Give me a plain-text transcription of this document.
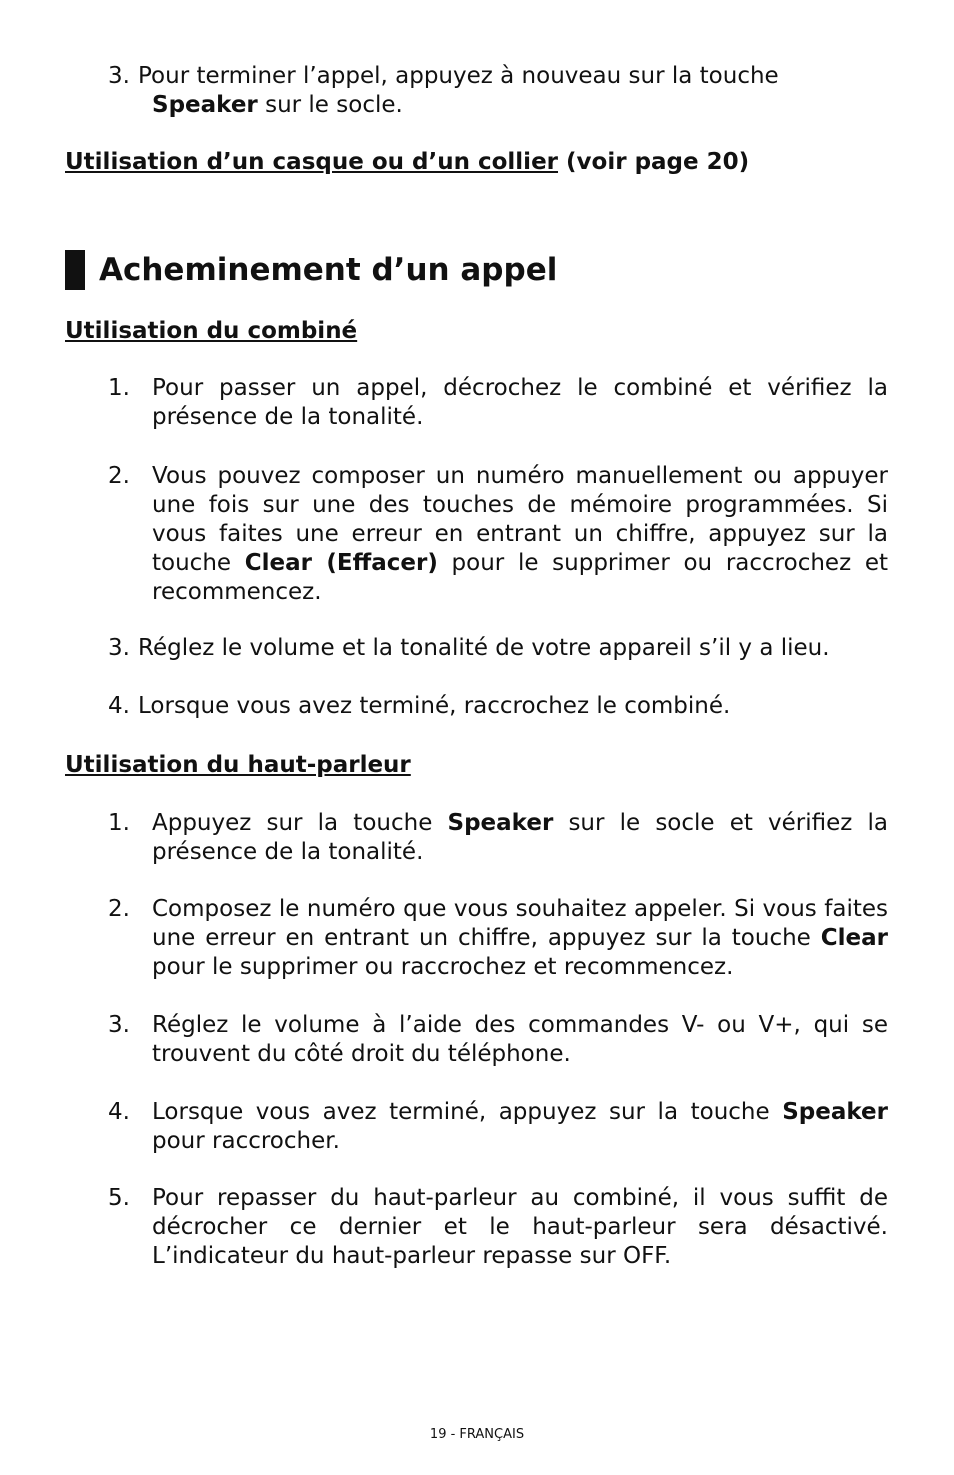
3. Pour terminer l’appel, appuyez à nouveau sur la touche
Speaker sur le socle.
Utilisation d’un casque ou d’un collier (voir page 20)
Acheminement d’un appel
Utilisation du combiné
1. Pour passer un appel, décrochez le combiné et vérifiez la présence de la tonalité.
2. Vous pouvez composer un numéro manuellement ou appuyer une fois sur une des touches de mémoire programmées. Si vous faites une erreur en entrant un chiffre, appuyez sur la touche Clear (Effacer) pour le supprimer ou raccrochez et recommencez.
3. Réglez le volume et la tonalité de votre appareil s’il y a lieu.
4. Lorsque vous avez terminé, raccrochez le combiné.
Utilisation du haut-parleur
1. Appuyez sur la touche Speaker sur le socle et vérifiez la présence de la tonalité.
2. Composez le numéro que vous souhaitez appeler. Si vous faites une erreur en entrant un chiffre, appuyez sur la touche Clear pour le supprimer ou raccrochez et recommencez.
3. Réglez le volume à l’aide des commandes V- ou V+, qui se trouvent du côté droit du téléphone.
4. Lorsque vous avez terminé, appuyez sur la touche Speaker pour raccrocher.
5. Pour repasser du haut-parleur au combiné, il vous suffit de décrocher ce dernier et le haut-parleur sera désactivé. L’indicateur du haut-parleur repasse sur OFF.
19 - FRANÇAIS
